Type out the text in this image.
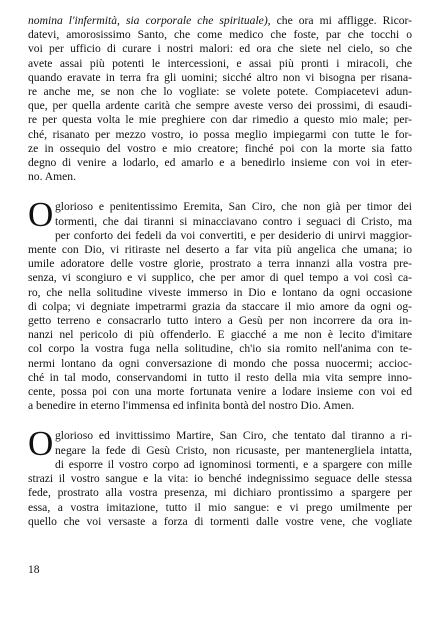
nomina l'infermità, sia corporale che spirituale), che ora mi affligge. Ricor-
datevi, amorosissimo Santo, che come medico che foste, par che tocchi o
voi per ufficio di curare i nostri malori: ed ora che siete nel cielo, so che
avete assai più potenti le intercessioni, e assai più pronti i miracoli, che
quando eravate in terra fra gli uomini; sicché altro non vi bisogna per risana-
re anche me, se non che lo vogliate: se volete potete. Compiacetevi adun-
que, per quella ardente carità che sempre aveste verso dei prossimi, di esaudi-
re per questa volta le mie preghiere con dar rimedio a questo mio male; per-
ché, risanato per mezzo vostro, io possa meglio impiegarmi con tutte le for-
ze in ossequio del vostro e mio creatore; finché poi con la morte sia fatto
degno di venire a lodarlo, ed amarlo e a benedirlo insieme con voi in eter-
no. Amen.
O glorioso e penitentissimo Eremita, San Ciro, che non già per timor dei
tormenti, che dai tiranni si minacciavano contro i seguaci di Cristo, ma
per conforto dei fedeli da voi convertiti, e per desiderio di unirvi maggior-
mente con Dio, vi ritiraste nel deserto a far vita più angelica che umana; io
umile adoratore delle vostre glorie, prostrato a terra innanzi alla vostra pre-
senza, vi scongiuro e vi supplico, che per amor di quel tempo a voi così ca-
ro, che nella solitudine viveste immerso in Dio e lontano da ogni occasione
di colpa; vi degniate impetrarmi grazia da staccare il mio amore da ogni og-
getto terreno e consacrarlo tutto intero a Gesù per non incorrere da ora in-
nanzi nel pericolo di più offenderlo. E giacché a me non è lecito d'imitare
col corpo la vostra fuga nella solitudine, ch'io sia romito nell'anima con te-
nermi lontano da ogni conversazione di mondo che possa nuocermi; accioc-
ché in tal modo, conservandomi in tutto il resto della mia vita sempre inno-
cente, possa poi con una morte fortunata venire a lodare insieme con voi ed
a benedire in eterno l'immensa ed infinita bontà del nostro Dio. Amen.
O glorioso ed invittissimo Martire, San Ciro, che tentato dal tiranno a ri-
negare la fede di Gesù Cristo, non ricusaste, per mantenergliela intatta,
di esporre il vostro corpo ad ignominosi tormenti, e a spargere con mille
strazi il vostro sangue e la vita: io benché indegnissimo seguace delle stessa
fede, prostrato alla vostra presenza, mi dichiaro prontissimo a spargere per
essa, a vostra imitazione, tutto il mio sangue: e vi prego umilmente per
quello che voi versaste a forza di tormenti dalle vostre vene, che vogliate
18
